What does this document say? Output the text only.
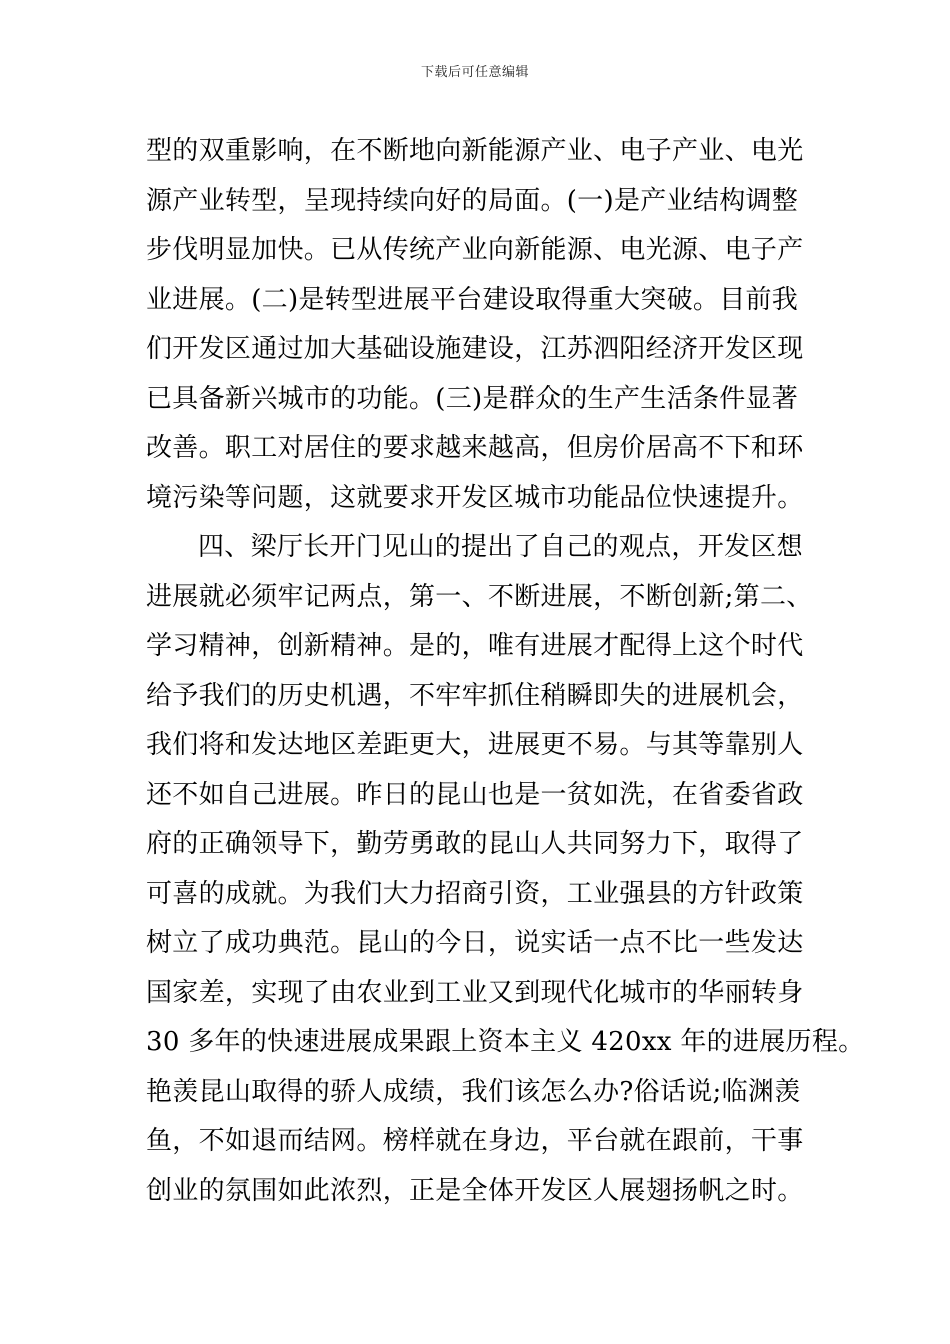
下载后可任意编辑
型的双重影响，在不断地向新能源产业、电子产业、电光
源产业转型，呈现持续向好的局面。(一)是产业结构调整
步伐明显加快。已从传统产业向新能源、电光源、电子产
业进展。(二)是转型进展平台建设取得重大突破。目前我
们开发区通过加大基础设施建设，江苏泗阳经济开发区现
已具备新兴城市的功能。(三)是群众的生产生活条件显著
改善。职工对居住的要求越来越高，但房价居高不下和环
境污染等问题，这就要求开发区城市功能品位快速提升。
四、梁厅长开门见山的提出了自己的观点，开发区想
进展就必须牢记两点，第一、不断进展，不断创新;第二、
学习精神，创新精神。是的，唯有进展才配得上这个时代
给予我们的历史机遇，不牢牢抓住稍瞬即失的进展机会，
我们将和发达地区差距更大，进展更不易。与其等靠别人
还不如自己进展。昨日的昆山也是一贫如洗，在省委省政
府的正确领导下，勤劳勇敢的昆山人共同努力下，取得了
可喜的成就。为我们大力招商引资，工业强县的方针政策
树立了成功典范。昆山的今日，说实话一点不比一些发达
国家差，实现了由农业到工业又到现代化城市的华丽转身
30 多年的快速进展成果跟上资本主义 420xx 年的进展历程。
艳羡昆山取得的骄人成绩，我们该怎么办?俗话说;临渊羡
鱼，不如退而结网。榜样就在身边，平台就在跟前，干事
创业的氛围如此浓烈，正是全体开发区人展翅扬帆之时。
